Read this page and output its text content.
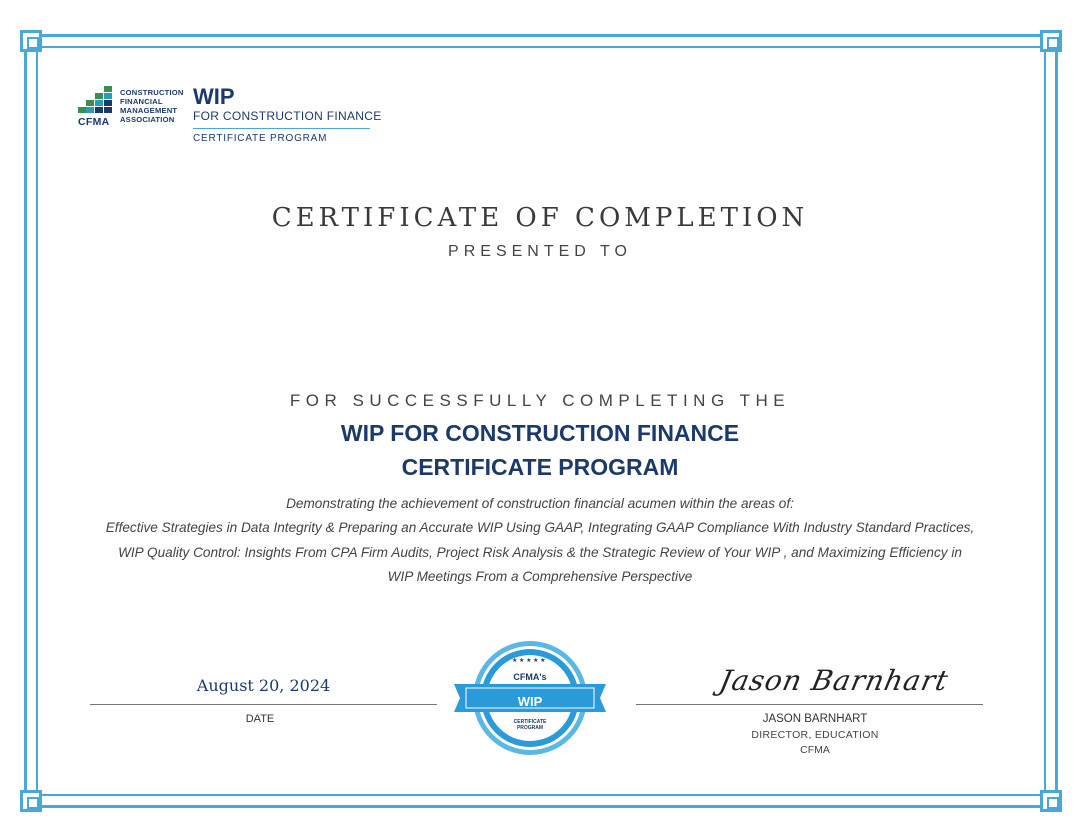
CONSTRUCTION
FINANCIAL
MANAGEMENT
ASSOCIATION
CFMA
WIP
FOR CONSTRUCTION FINANCE
CERTIFICATE PROGRAM
CERTIFICATE OF COMPLETION
PRESENTED TO
FOR SUCCESSFULLY COMPLETING THE
WIP FOR CONSTRUCTION FINANCE
CERTIFICATE PROGRAM
Demonstrating the achievement of construction financial acumen within the areas of:
Effective Strategies in Data Integrity & Preparing an Accurate WIP Using GAAP, Integrating GAAP Compliance With Industry Standard Practices,
WIP Quality Control: Insights From CPA Firm Audits, Project Risk Analysis & the Strategic Review of Your WIP , and Maximizing Efficiency in
WIP Meetings From a Comprehensive Perspective
August 20, 2024
DATE
★ ★ ★ ★ ★
CFMA's
WIP
CERTIFICATE
PROGRAM
Jason Barnhart
JASON BARNHART
DIRECTOR, EDUCATION
CFMA
